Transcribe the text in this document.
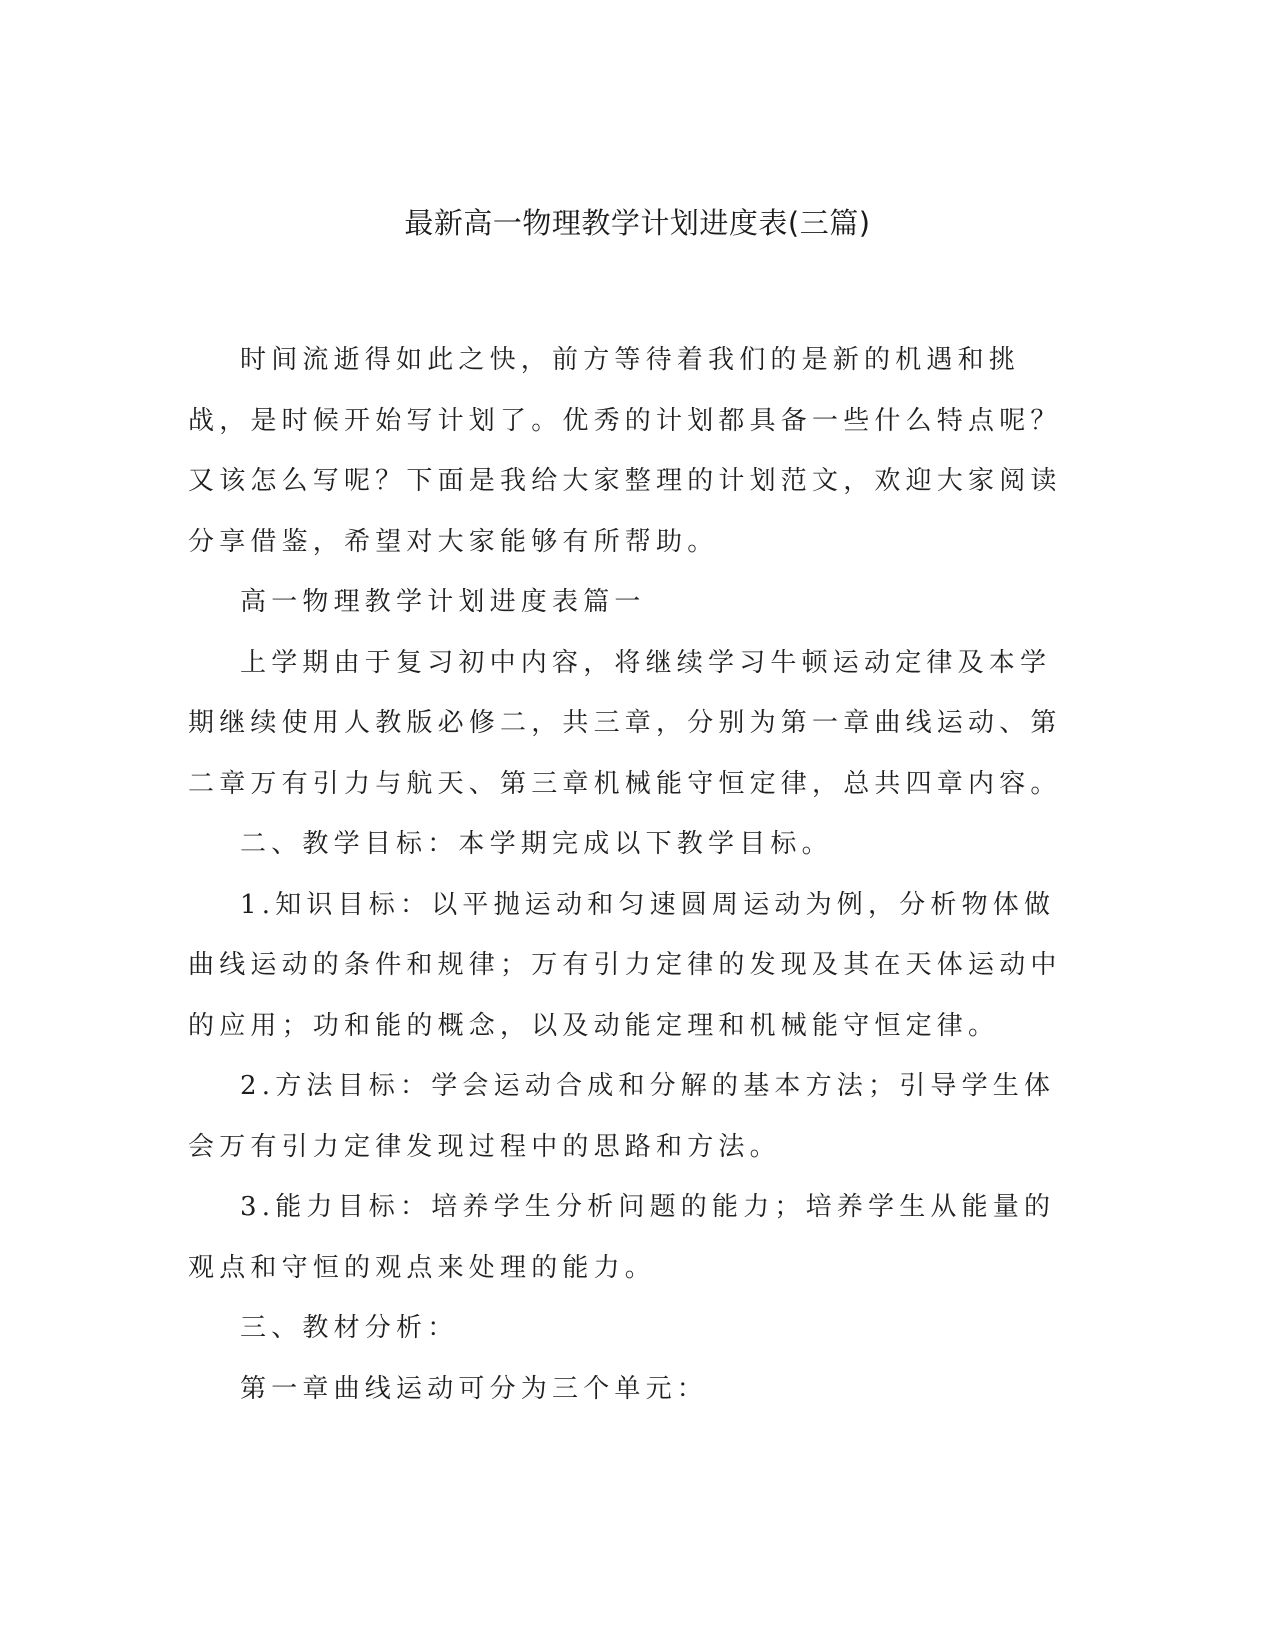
最新高一物理教学计划进度表(三篇)

时间流逝得如此之快，前方等待着我们的是新的机遇和挑战，是时候开始写计划了。优秀的计划都具备一些什么特点呢？又该怎么写呢？下面是我给大家整理的计划范文，欢迎大家阅读分享借鉴，希望对大家能够有所帮助。

高一物理教学计划进度表篇一

上学期由于复习初中内容，将继续学习牛顿运动定律及本学期继续使用人教版必修二，共三章，分别为第一章曲线运动、第二章万有引力与航天、第三章机械能守恒定律，总共四章内容。

二、教学目标：本学期完成以下教学目标。

1.知识目标：以平抛运动和匀速圆周运动为例，分析物体做曲线运动的条件和规律；万有引力定律的发现及其在天体运动中的应用；功和能的概念，以及动能定理和机械能守恒定律。

2.方法目标：学会运动合成和分解的基本方法；引导学生体会万有引力定律发现过程中的思路和方法。

3.能力目标：培养学生分析问题的能力；培养学生从能量的观点和守恒的观点来处理的能力。

三、教材分析：

第一章曲线运动可分为三个单元：
